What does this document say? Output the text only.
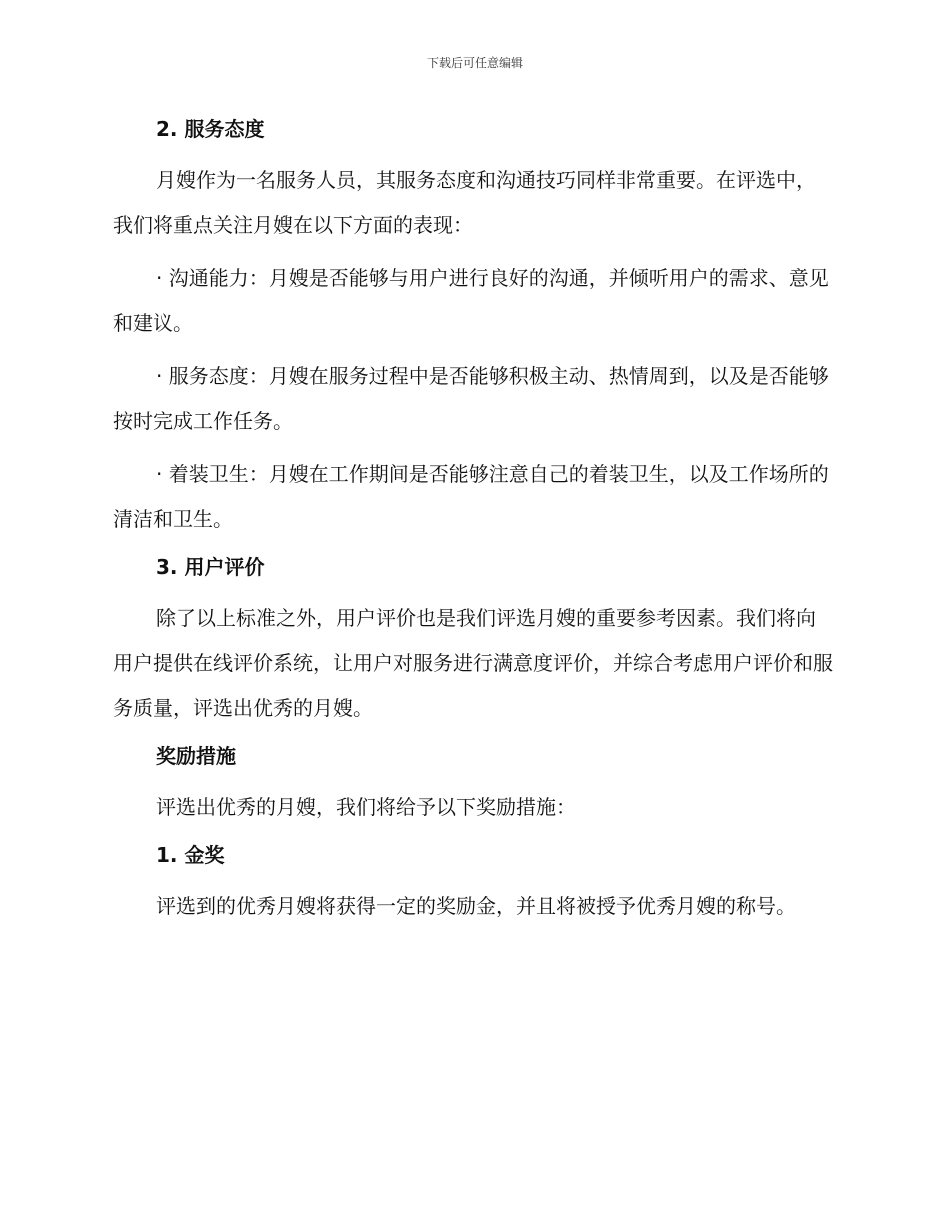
下载后可任意编辑

2. 服务态度

月嫂作为一名服务人员，其服务态度和沟通技巧同样非常重要。在评选中，我们将重点关注月嫂在以下方面的表现：

· 沟通能力：月嫂是否能够与用户进行良好的沟通，并倾听用户的需求、意见和建议。

· 服务态度：月嫂在服务过程中是否能够积极主动、热情周到，以及是否能够按时完成工作任务。

· 着装卫生：月嫂在工作期间是否能够注意自己的着装卫生，以及工作场所的清洁和卫生。

3. 用户评价

除了以上标准之外，用户评价也是我们评选月嫂的重要参考因素。我们将向用户提供在线评价系统，让用户对服务进行满意度评价，并综合考虑用户评价和服务质量，评选出优秀的月嫂。

奖励措施

评选出优秀的月嫂，我们将给予以下奖励措施：

1. 金奖

评选到的优秀月嫂将获得一定的奖励金，并且将被授予优秀月嫂的称号。
